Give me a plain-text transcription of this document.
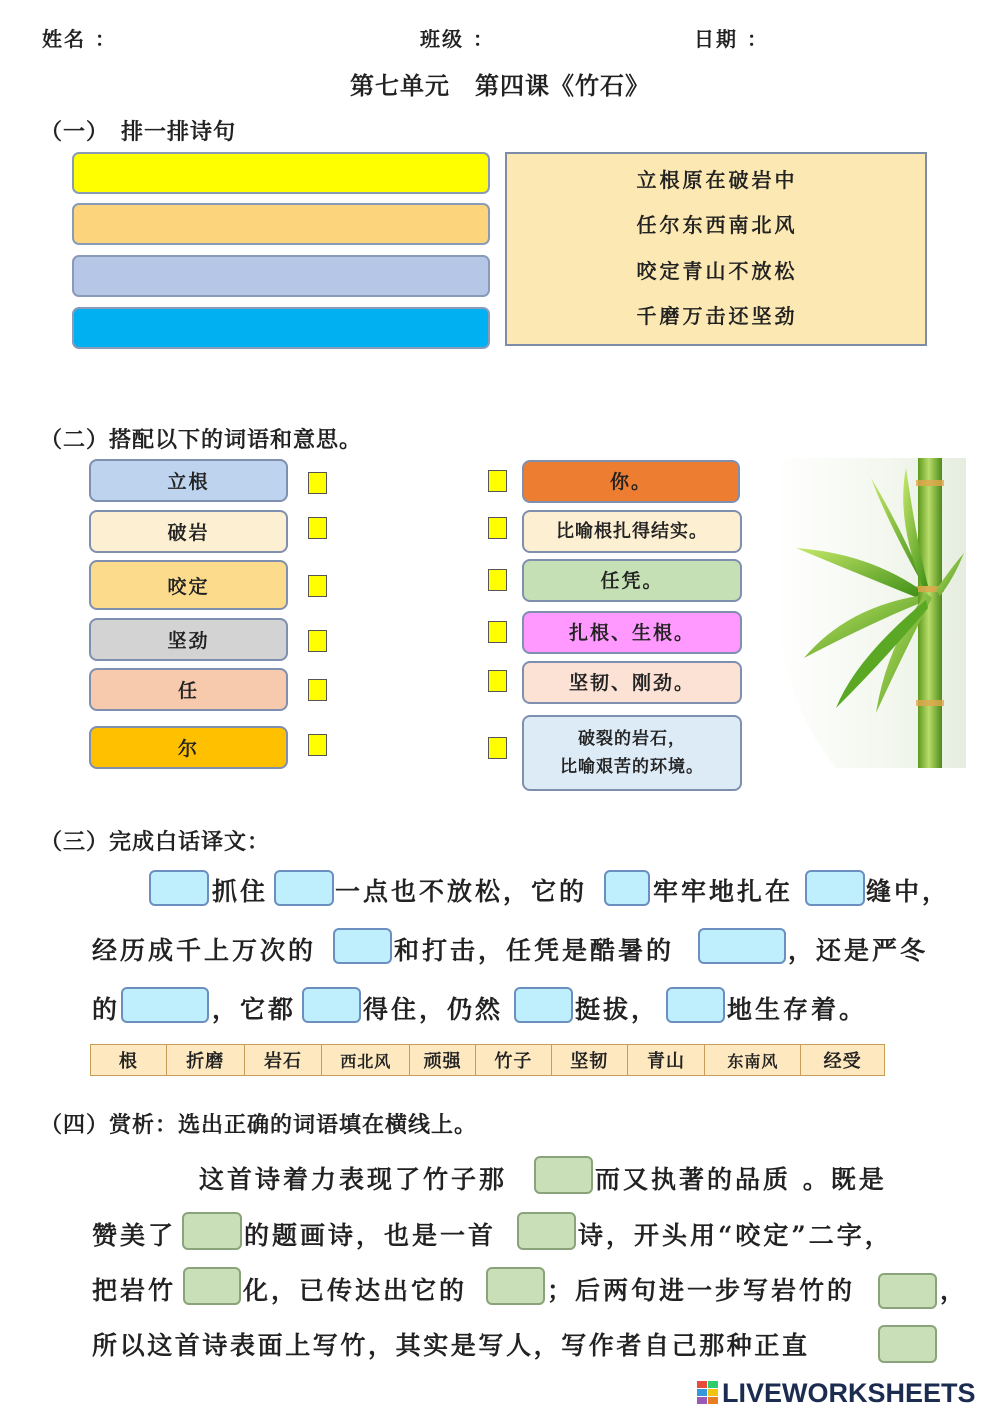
姓名 ：	班级 ：	日期 ：
第七单元　第四课《竹石》
（一）　排一排诗句
立根原在破岩中
任尔东西南北风
咬定青山不放松
千磨万击还坚劲
（二）搭配以下的词语和意思。
立根
破岩
咬定
坚劲
任
尔
你。
比喻根扎得结实。
任凭。
扎根、生根。
坚韧、刚劲。
破裂的岩石，
比喻艰苦的环境。
（三）完成白话译文：
抓住	一点也不放松，它的	牢牢地扎在	缝中，
经历成千上万次的	和打击，任凭是酷暑的	，还是严冬
的	，它都	得住，仍然	挺拔，	地生存着。
根	折磨	岩石	西北风	顽强	竹子	坚韧	青山	东南风	经受
（四）赏析：选出正确的词语填在横线上。
这首诗着力表现了竹子那	而又执著的品质 。既是
赞美了	的题画诗，也是一首	诗，开头用“咬定”二字，
把岩竹	化，已传达出它的	；后两句进一步写岩竹的	，
所以这首诗表面上写竹，其实是写人，写作者自己那种正直
LIVEWORKSHEETS
